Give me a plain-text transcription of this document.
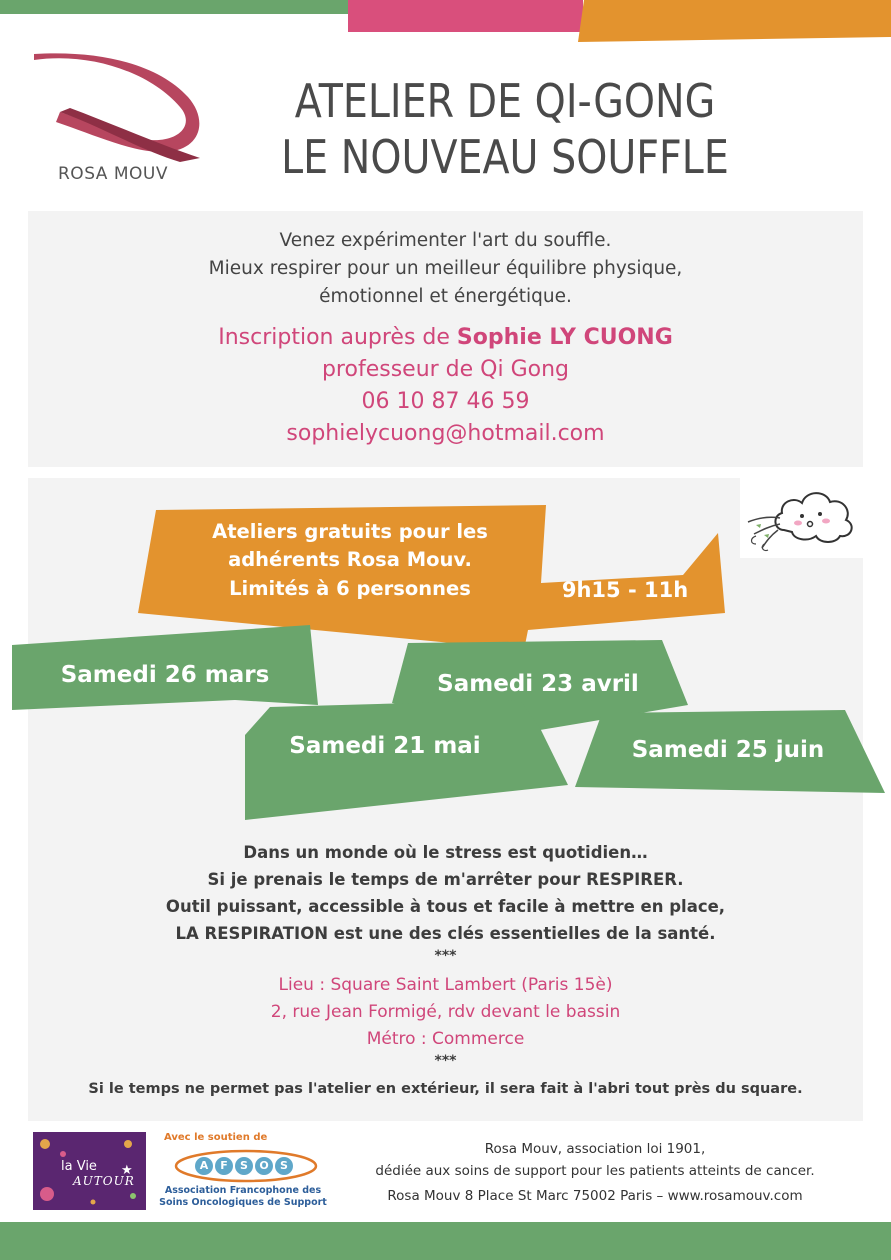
ROSA MOUV
ATELIER DE QI-GONG
LE NOUVEAU SOUFFLE
Venez expérimenter l'art du souffle.
Mieux respirer pour un meilleur équilibre physique,
émotionnel et énergétique.
Inscription auprès de Sophie LY CUONG
professeur de Qi Gong
06 10 87 46 59
sophielycuong@hotmail.com
Ateliers gratuits pour les
adhérents Rosa Mouv.
Limités à 6 personnes	9h15 - 11h
Samedi 26 mars	Samedi 23 avril
Samedi 21 mai	Samedi 25 juin
Dans un monde où le stress est quotidien…
Si je prenais le temps de m'arrêter pour RESPIRER.
Outil puissant, accessible à tous et facile à mettre en place,
LA RESPIRATION est une des clés essentielles de la santé.
***
Lieu : Square Saint Lambert (Paris 15è)
2, rue Jean Formigé, rdv devant le bassin
Métro : Commerce
***
Si le temps ne permet pas l'atelier en extérieur, il sera fait à l'abri tout près du square.
★
la Vie
AUTOUR
Avec le soutien de
A F S O S
Association Francophone des
Soins Oncologiques de Support
Rosa Mouv, association loi 1901,
dédiée aux soins de support pour les patients atteints de cancer.
Rosa Mouv 8 Place St Marc 75002 Paris – www.rosamouv.com
